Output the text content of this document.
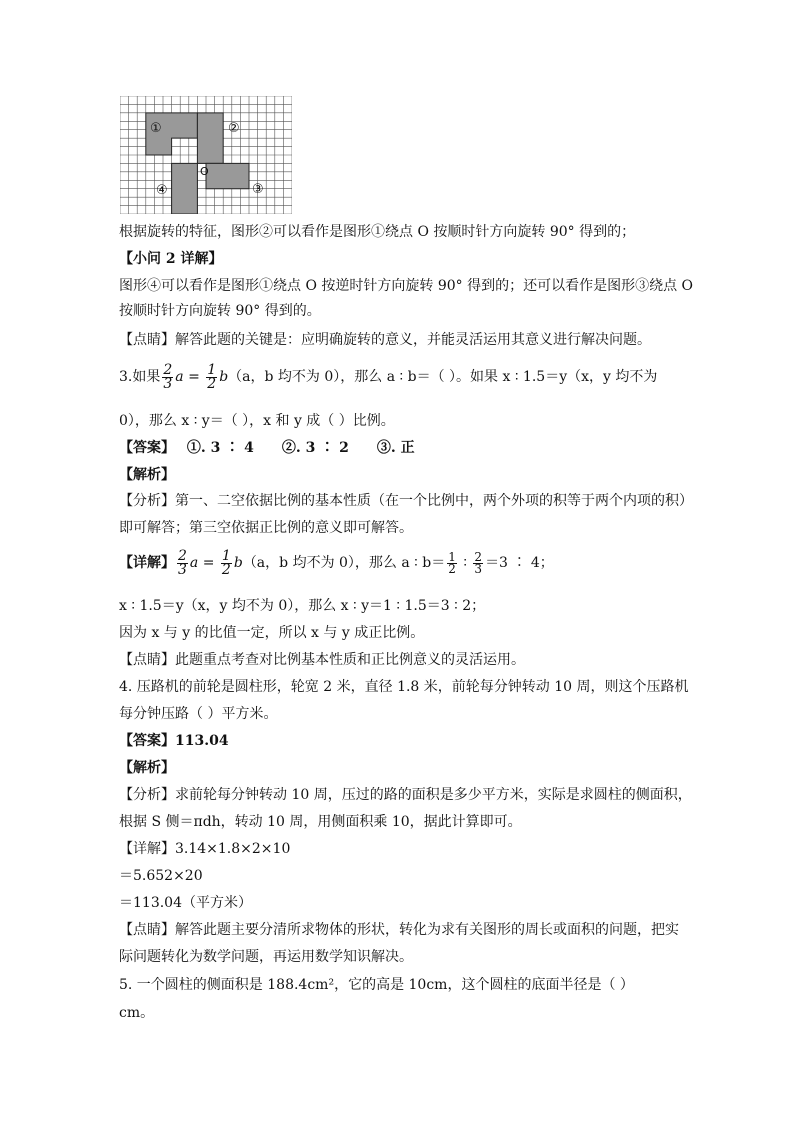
①	②
③
④
O
根据旋转的特征，图形②可以看作是图形①绕点 O 按顺时针方向旋转 90° 得到的；
【小问 2 详解】
图形④可以看作是图形①绕点 O 按逆时针方向旋转 90° 得到的；还可以看作是图形③绕点 O
按顺时针方向旋转 90° 得到的。
【点睛】解答此题的关键是：应明确旋转的意义，并能灵活运用其意义进行解决问题。
3.如果 $\frac{2}{3}$ $a = \frac{1}{2} b(a$，b 均不为 0），那么 a ∶ b＝（ ）。如果 x ∶ 1.5＝y（x，y 均不为
0），那么 x ∶ y＝（ ），x 和 y 成（ ）比例。
【答案】　 ①. 3 ∶ 4　　②. 3 ∶ 2　　③. 正
【解析】
【分析】第一、二空依据比例的基本性质（在一个比例中，两个外项的积等于两个内项的积）
即可解答；第三空依据正比例的意义即可解答。
【详解】 $\frac{2}{3}$ $a = \frac{1}{2} b(a$，b 均不为 0），那么 a ∶ $b= \frac{1}{2}$ ∶ $\frac{2}{3} =3$ ∶ 4；
x ∶ 1.5＝y（x，y 均不为 0），那么 x ∶ y＝1 ∶ 1.5＝3 ∶ 2；
因为 x 与 y 的比值一定，所以 x 与 y 成正比例。
【点睛】此题重点考查对比例基本性质和正比例意义的灵活运用。
4. 压路机的前轮是圆柱形，轮宽 2 米，直径 1.8 米，前轮每分钟转动 10 周，则这个压路机
每分钟压路（ ）平方米。
【答案】113.04
【解析】
【分析】求前轮每分钟转动 10 周，压过的路的面积是多少平方米，实际是求圆柱的侧面积，
根据 S 侧＝πdh，转动 10 周，用侧面积乘 10，据此计算即可。
【详解】3.14×1.8×2×10
＝5.652×20
＝113.04（平方米）
【点睛】解答此题主要分清所求物体的形状，转化为求有关图形的周长或面积的问题，把实
际问题转化为数学问题，再运用数学知识解决。
5. 一个圆柱的侧面积是 188.4cm²，它的高是 10cm，这个圆柱的底面半径是（ ）
cm。
